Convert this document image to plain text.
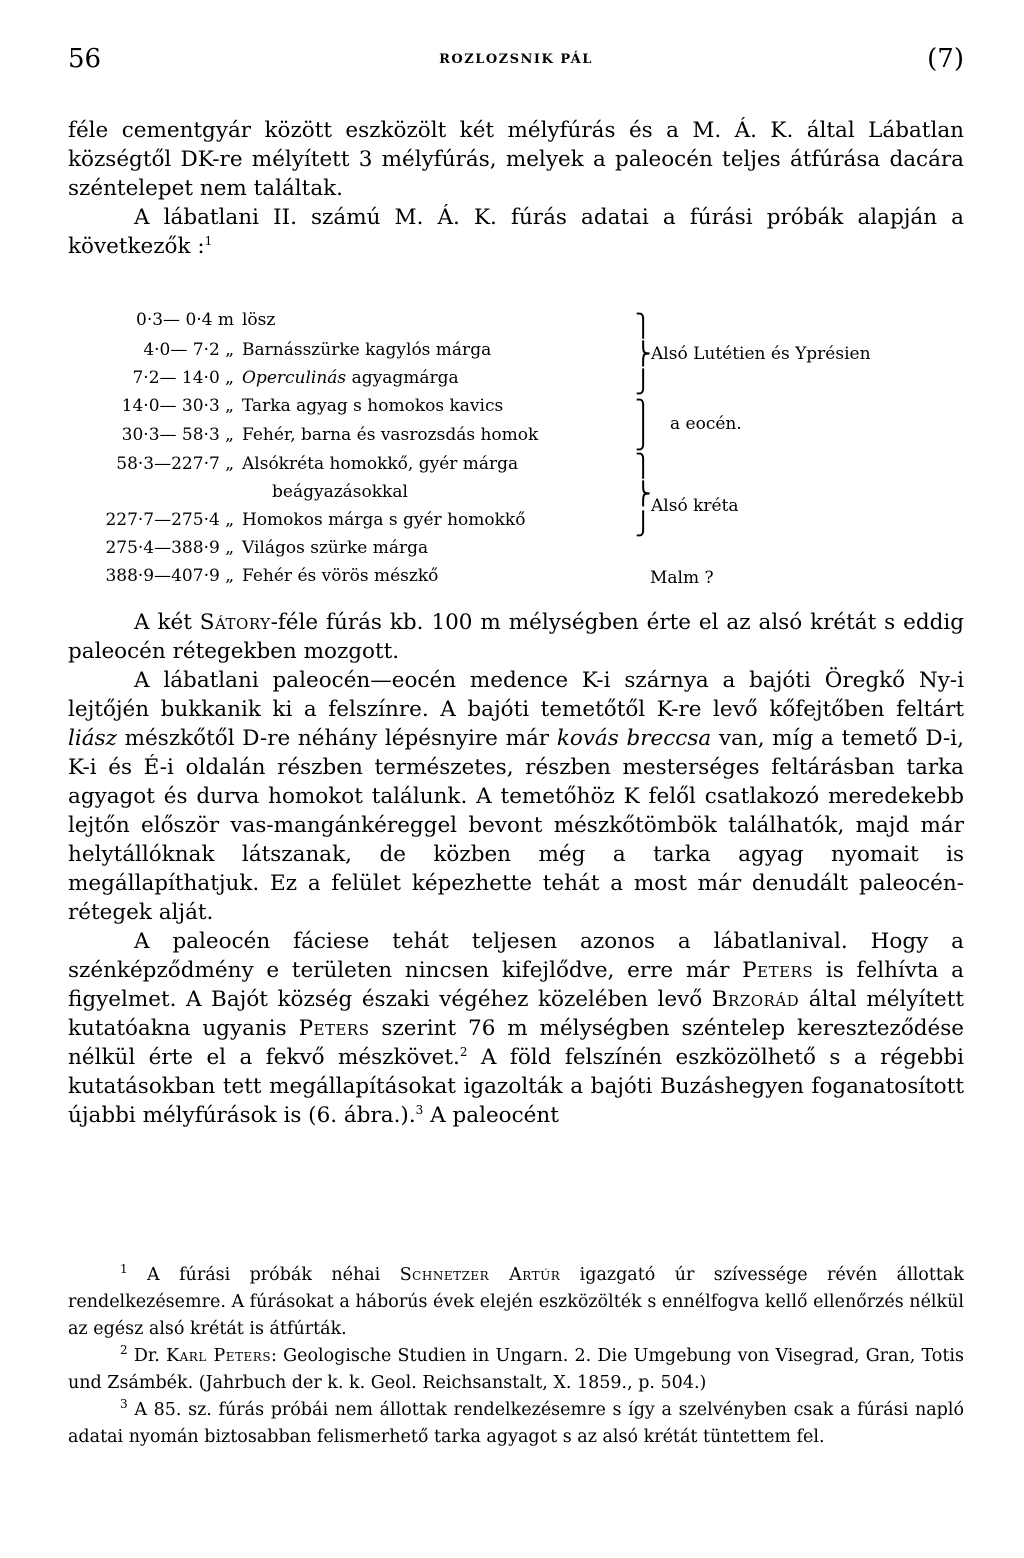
56	ROZLOZSNIK PÁL	(7)

féle cementgyár között eszközölt két mélyfúrás és a M. Á. K. által Lábatlan községtől DK-re mélyített 3 mélyfúrás, melyek a paleocén teljes átfúrása dacára széntelepet nem találtak.

A lábatlani II. számú M. Á. K. fúrás adatai a fúrási próbák alapján a következők :$^1$

0·3— 0·4 m lösz
4·0— 7·2 „ Barnásszürke kagylós márga
7·2— 14·0 „ Operculinás agyagmárga
14·0— 30·3 „ Tarka agyag s homokos kavics
30·3— 58·3 „ Fehér, barna és vasrozsdás homok
58·3—227·7 „ Alsókréta homokkő, gyér márga
beágyazásokkal
227·7—275·4 „ Homokos márga s gyér homokkő
275·4—388·9 „ Világos szürke márga
388·9—407·9 „ Fehér és vörös mészkő
⎫
⎬
⎭
⎫
⎭
⎫
⎬
⎭
Alsó Lutétien és Yprésien
a eocén.
Alsó kréta
Malm ?

A két Sátory-féle fúrás kb. 100 m mélységben érte el az alsó krétát s eddig paleocén rétegekben mozgott.

A lábatlani paleocén—eocén medence K-i szárnya a bajóti Öregkő Ny-i lejtőjén bukkanik ki a felszínre. A bajóti temetőtől K-re levő kőfejtőben feltárt liász mészkőtől D-re néhány lépésnyire már kovás breccsa van, míg a temető D-i, K-i és É-i oldalán részben természetes, részben mesterséges feltárásban tarka agyagot és durva homokot találunk. A temetőhöz K felől csatlakozó meredekebb lejtőn először vas-mangánkéreggel bevont mészkőtömbök találhatók, majd már helytállóknak látszanak, de közben még a tarka agyag nyomait is megállapíthatjuk. Ez a felület képezhette tehát a most már denudált paleocén-rétegek alját.

A paleocén fáciese tehát teljesen azonos a lábatlanival. Hogy a szénképződmény e területen nincsen kifejlődve, erre már Peters is felhívta a figyelmet. A Bajót község északi végéhez közelében levő Brzorád által mélyített kutatóakna ugyanis Peters szerint 76 m mélységben széntelep kereszteződése nélkül érte el a fekvő mészkövet.$^2$ A föld felszínén eszközölhető s a régebbi kutatásokban tett megállapításokat igazolták a bajóti Buzáshegyen foganatosított újabbi mélyfúrások is (6. ábra.).$^3$ A paleocént

$^1$ A fúrási próbák néhai Schnetzer Artúr igazgató úr szívessége révén állottak rendelkezésemre. A fúrásokat a háborús évek elején eszközölték s ennélfogva kellő ellenőrzés nélkül az egész alsó krétát is átfúrták.

$^2$ Dr. Karl Peters: Geologische Studien in Ungarn. 2. Die Umgebung von Visegrad, Gran, Totis und Zsámbék. (Jahrbuch der k. k. Geol. Reichsanstalt, X. 1859., p. 504.)

$^3$ A 85. sz. fúrás próbái nem állottak rendelkezésemre s így a szelvényben csak a fúrási napló adatai nyomán biztosabban felismerhető tarka agyagot s az alsó krétát tüntettem fel.
